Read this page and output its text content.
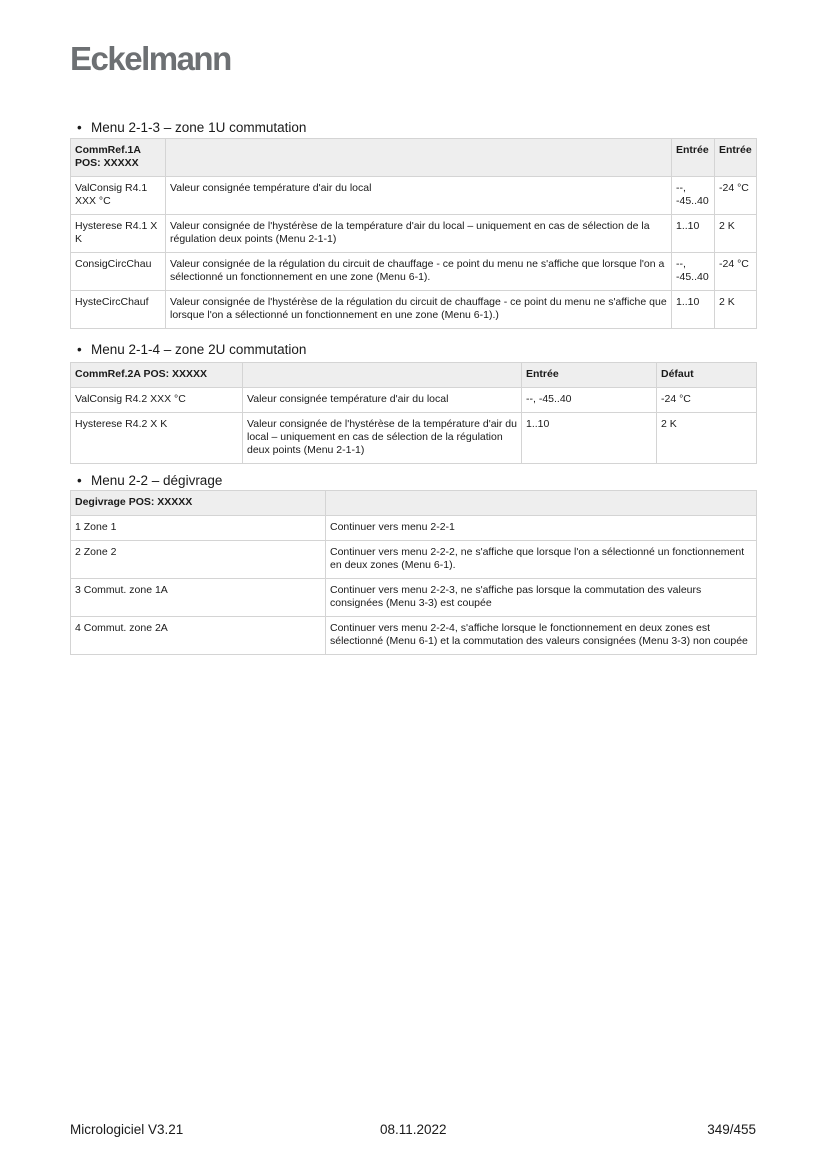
Eckelmann
• Menu 2-1-3 – zone 1U commutation
CommRef.1A POS: XXXXX		Entrée	Entrée
ValConsig R4.1 XXX °C	Valeur consignée température d'air du local	--, -45..40	-24 °C
Hysterese R4.1 X K	Valeur consignée de l'hystérèse de la température d'air du local – uniquement en cas de sélection de la régulation deux points (Menu 2-1-1)	1..10	2 K
ConsigCircChau	Valeur consignée de la régulation du circuit de chauffage - ce point du menu ne s'affiche que lorsque l'on a sélectionné un fonctionnement en une zone (Menu 6-1).	--, -45..40	-24 °C
HysteCircChauf	Valeur consignée de l'hystérèse de la régulation du circuit de chauffage - ce point du menu ne s'affiche que lorsque l'on a sélectionné un fonctionnement en une zone (Menu 6-1).)	1..10	2 K
• Menu 2-1-4 – zone 2U commutation
CommRef.2A POS: XXXXX		Entrée	Défaut
ValConsig R4.2 XXX °C	Valeur consignée température d'air du local	--, -45..40	-24 °C
Hysterese R4.2 X K	Valeur consignée de l'hystérèse de la température d'air du local – uniquement en cas de sélection de la régulation deux points (Menu 2-1-1)	1..10	2 K
• Menu 2-2 – dégivrage
Degivrage POS: XXXXX	
1 Zone 1	Continuer vers menu 2-2-1
2 Zone 2	Continuer vers menu 2-2-2, ne s'affiche que lorsque l'on a sélectionné un fonctionnement en deux zones (Menu 6-1).
3 Commut. zone 1A	Continuer vers menu 2-2-3, ne s'affiche pas lorsque la commutation des valeurs consignées (Menu 3-3) est coupée
4 Commut. zone 2A	Continuer vers menu 2-2-4, s'affiche lorsque le fonctionnement en deux zones est sélectionné (Menu 6-1) et la commutation des valeurs consignées (Menu 3-3) non coupée
Micrologiciel V3.21	08.11.2022	349/455
